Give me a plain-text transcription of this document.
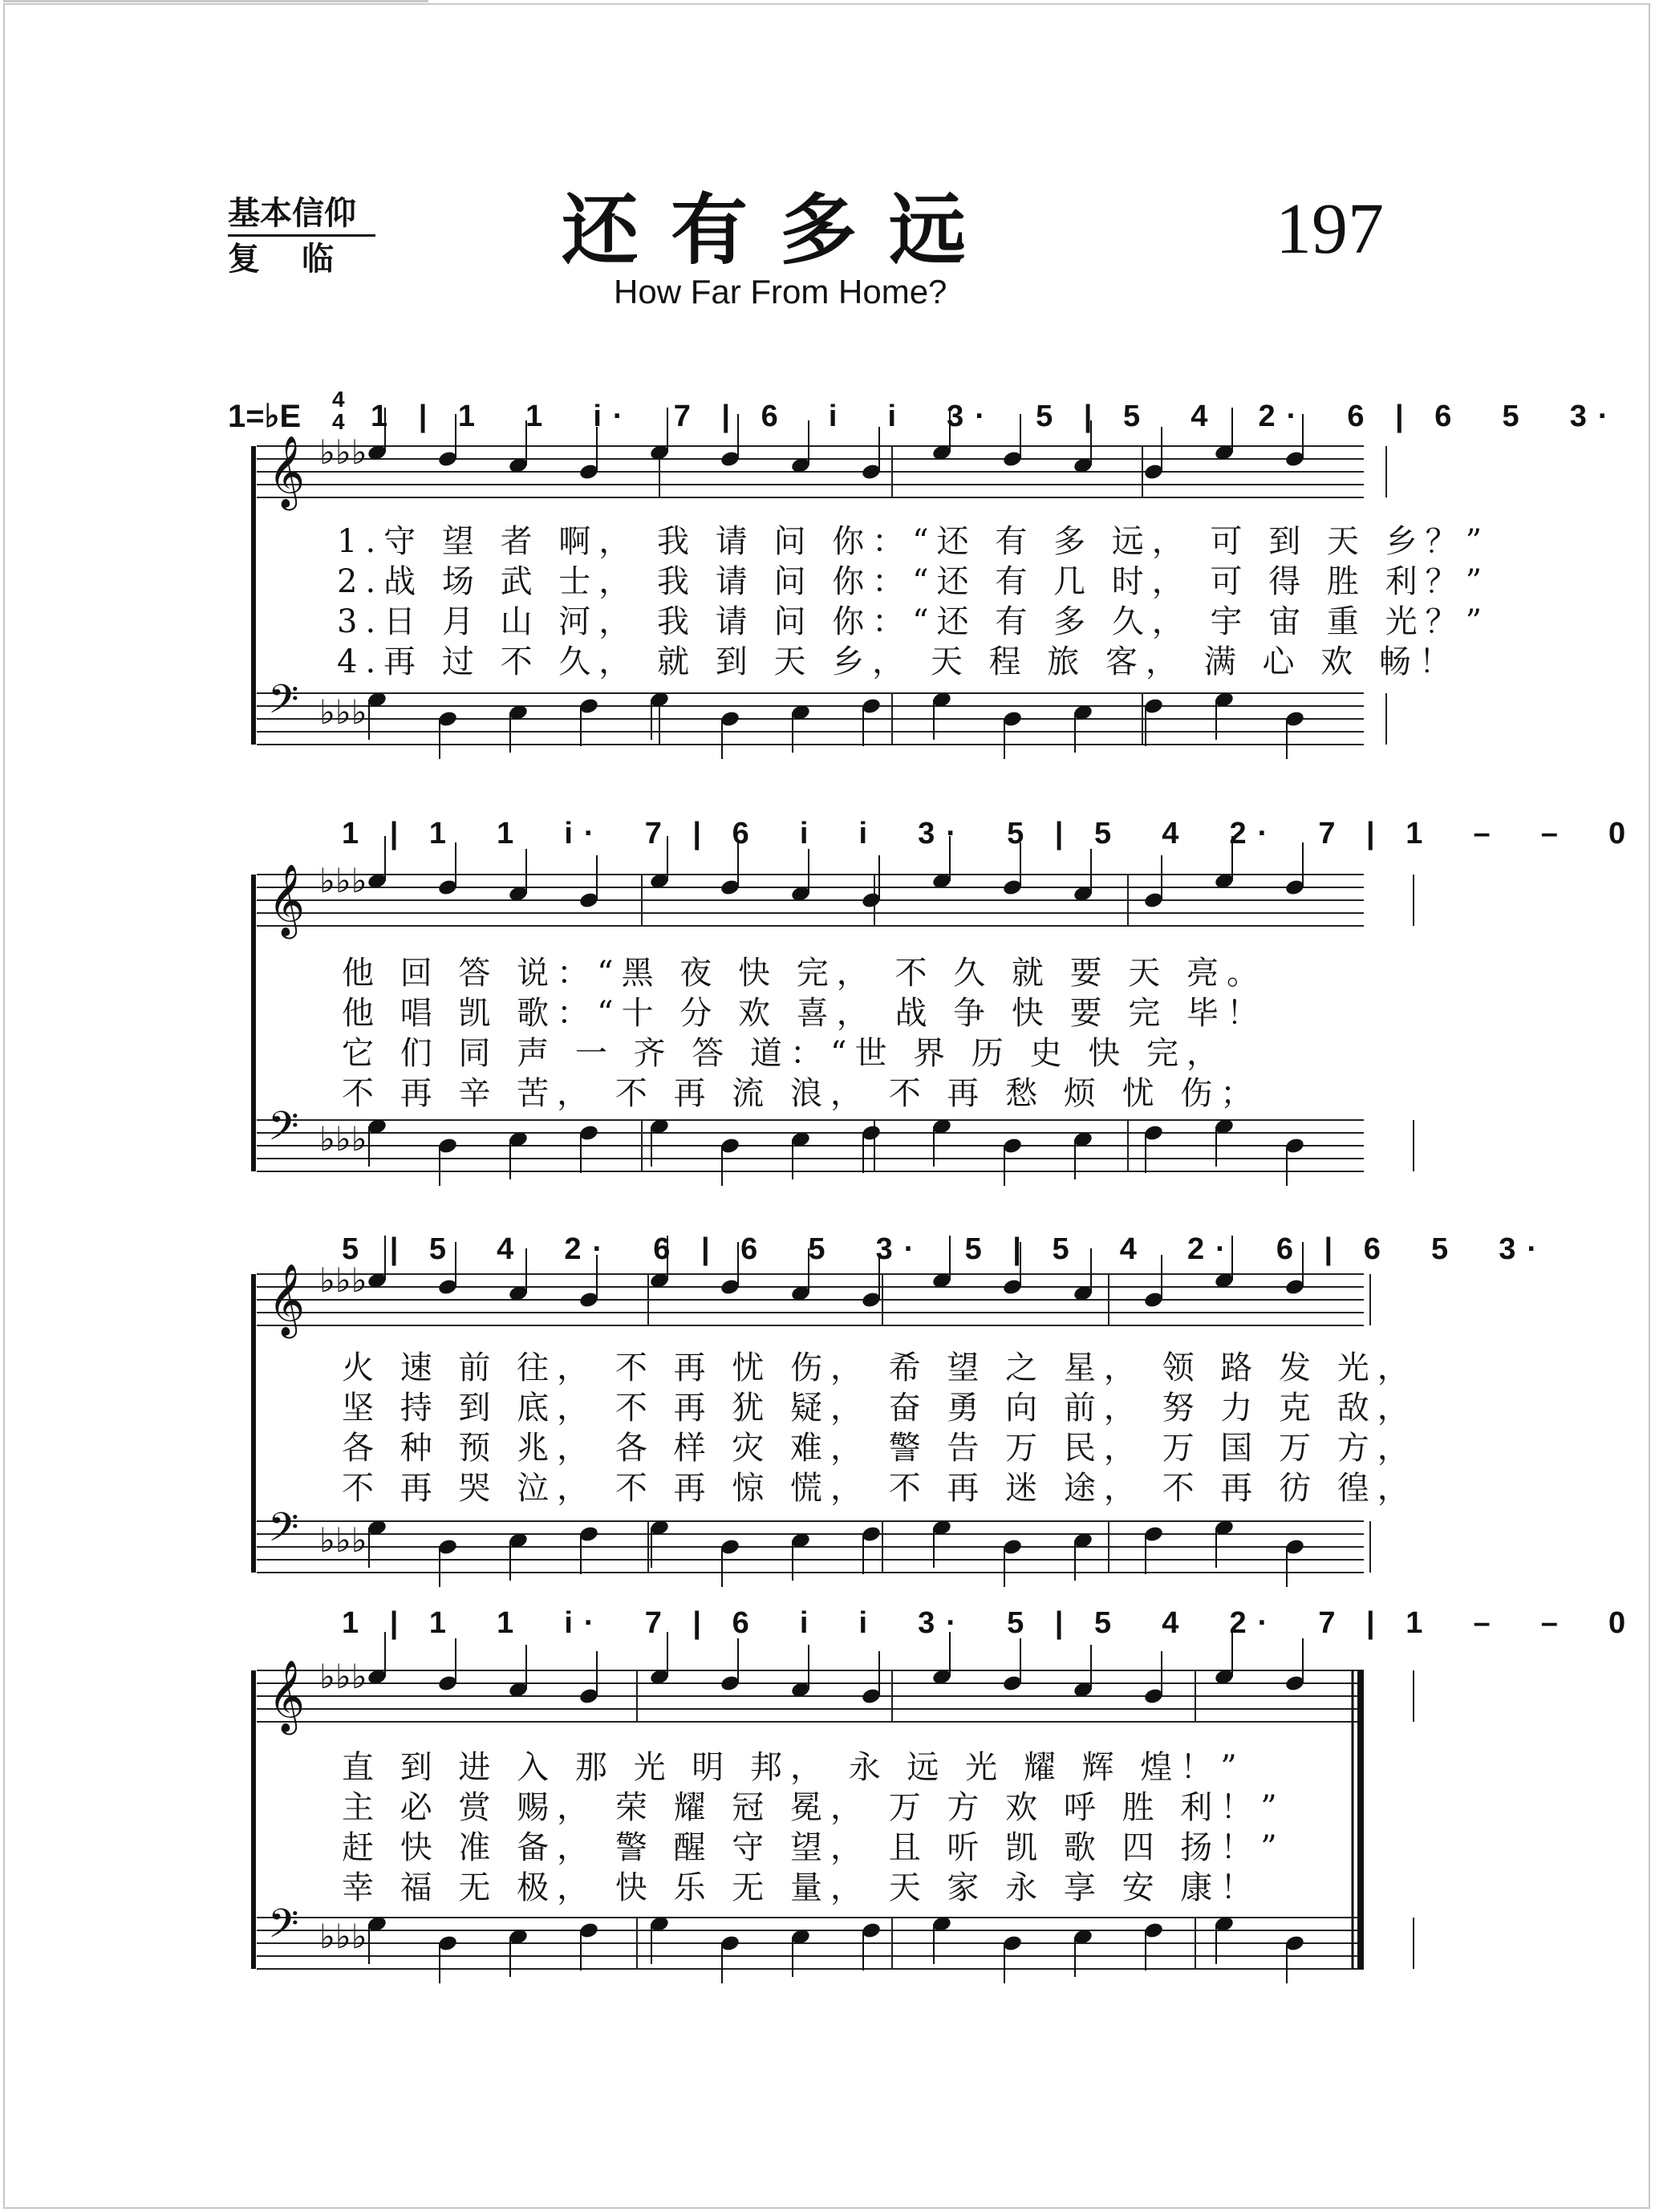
基本信仰
复临 还有多远	197
How Far From Home?
1=♭E 4
4 1 | 1  1  i·  7 | 6  i  i  3·  5 | 5  4  2·  6 | 6  5  3·
1.守 望 者 啊， 我 请 问 你：“还 有 多 远， 可 到 天 乡？”
2.战 场 武 士， 我 请 问 你：“还 有 几 时， 可 得 胜 利？”
3.日 月 山 河， 我 请 问 你：“还 有 多 久， 宇 宙 重 光？”
4.再 过 不 久， 就 到 天 乡， 天 程 旅 客， 满 心 欢 畅！
1 | 1  1  i·  7 | 6  i  i  3·  5 | 5  4  2·  7 | 1  –  –  0
他 回 答 说：“黑 夜 快 完， 不 久 就 要 天 亮。
他 唱 凯 歌：“十 分 欢 喜， 战 争 快 要 完 毕！
它 们 同 声 一 齐 答 道：“世 界 历 史 快 完，
不 再 辛 苦， 不 再 流 浪， 不 再 愁 烦 忧 伤；
5 | 5  4  2·  6 | 6  5  3·  5 | 5  4  2·  6 | 6  5  3·
火 速 前 往， 不 再 忧 伤， 希 望 之 星， 领 路 发 光，
坚 持 到 底， 不 再 犹 疑， 奋 勇 向 前， 努 力 克 敌，
各 种 预 兆， 各 样 灾 难， 警 告 万 民， 万 国 万 方，
不 再 哭 泣， 不 再 惊 慌， 不 再 迷 途， 不 再 彷 徨，
1 | 1  1  i·  7 | 6  i  i  3·  5 | 5  4  2·  7 | 1  –  –  0
直 到 进 入 那 光 明 邦， 永 远 光 耀 辉 煌！”
主 必 赏 赐， 荣 耀 冠 冕， 万 方 欢 呼 胜 利！”
赶 快 准 备， 警 醒 守 望， 且 听 凯 歌 四 扬！”
幸 福 无 极， 快 乐 无 量， 天 家 永 享 安 康！
𝄞 ♭♭♭
𝄢 ♭♭♭
𝄞 ♭♭♭
𝄢 ♭♭♭
𝄞 ♭♭♭
𝄢 ♭♭♭
𝄞 ♭♭♭
𝄢 ♭♭♭
